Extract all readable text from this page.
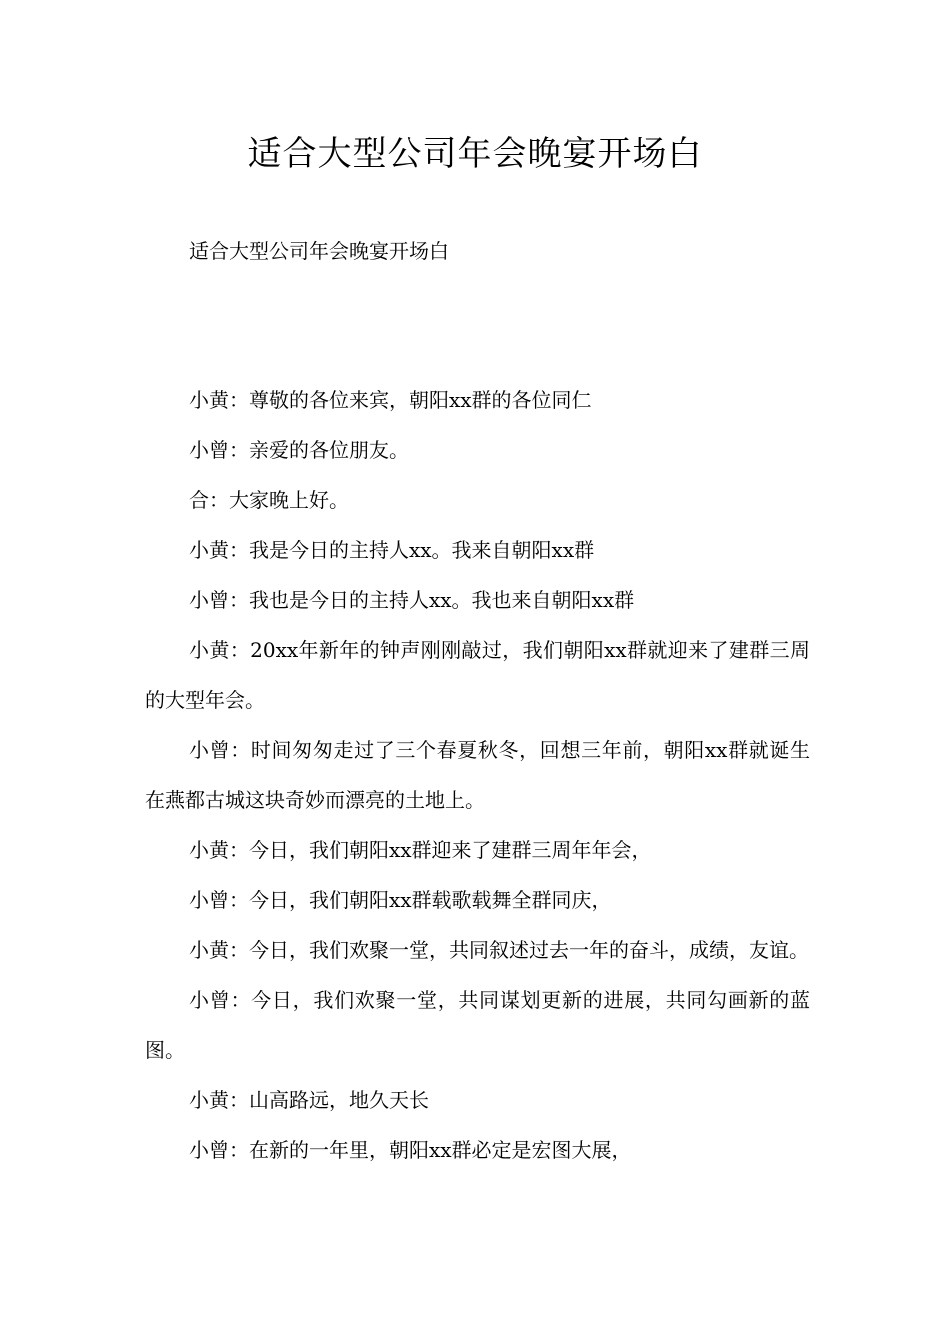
适合大型公司年会晚宴开场白

适合大型公司年会晚宴开场白

小黄：尊敬的各位来宾，朝阳xx群的各位同仁

小曾：亲爱的各位朋友。

合：大家晚上好。

小黄：我是今日的主持人xx。我来自朝阳xx群

小曾：我也是今日的主持人xx。我也来自朝阳xx群

小黄：20xx年新年的钟声刚刚敲过，我们朝阳xx群就迎来了建群三周的大型年会。

小曾：时间匆匆走过了三个春夏秋冬，回想三年前，朝阳xx群就诞生在燕都古城这块奇妙而漂亮的土地上。

小黄：今日，我们朝阳xx群迎来了建群三周年年会，

小曾：今日，我们朝阳xx群载歌载舞全群同庆，

小黄：今日，我们欢聚一堂，共同叙述过去一年的奋斗，成绩，友谊。

小曾：今日，我们欢聚一堂，共同谋划更新的进展，共同勾画新的蓝图。

小黄：山高路远，地久天长

小曾：在新的一年里，朝阳xx群必定是宏图大展，
